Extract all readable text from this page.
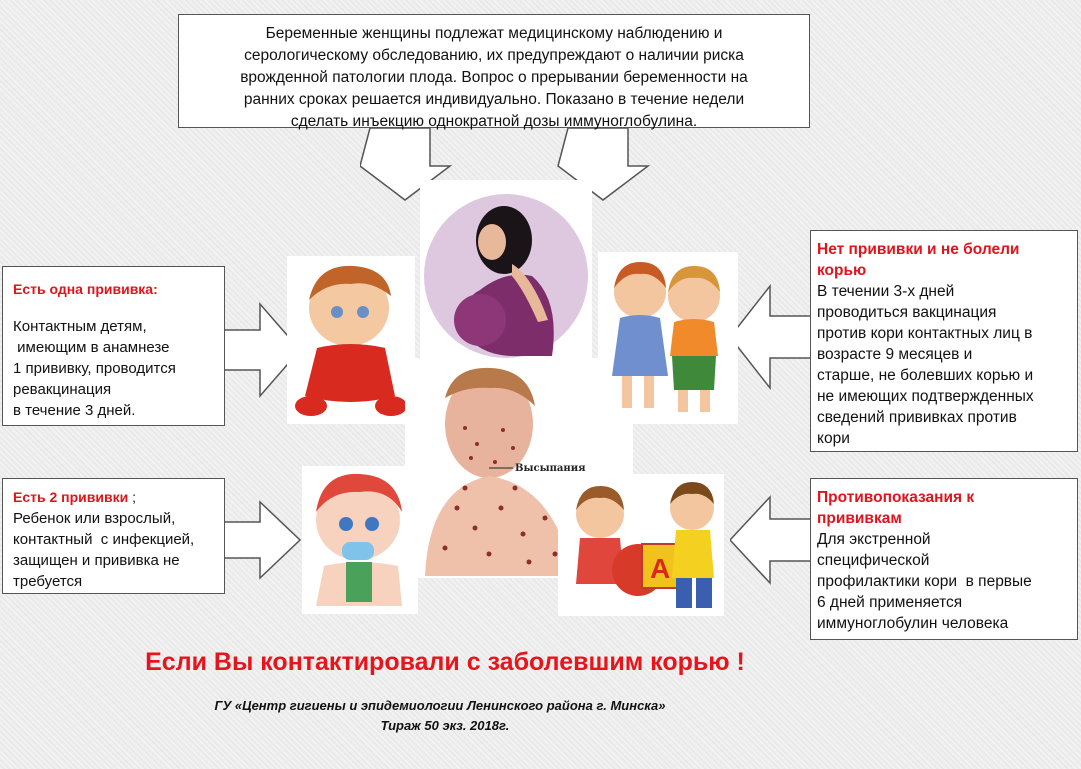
Беременные женщины подлежат медицинскому наблюдению и
серологическому обследованию, их предупреждают о наличии риска
врожденной патологии плода. Вопрос о прерывании беременности на
ранних сроках решается индивидуально. Показано в течение недели
сделать инъекцию однократной дозы иммуноглобулина.
Есть одна прививка:
Контактным детям,
имеющим в анамнезе
1 прививку, проводится
ревакцинация
в течение 3 дней.
Есть 2 прививки ;
Ребенок или взрослый,
контактный  с инфекцией,
защищен и прививка не
требуется
Нет прививки и не болели
корью
В течении 3-х дней
проводиться вакцинация
против кори контактных лиц в
возрасте 9 месяцев и
старше, не болевших корью и
не имеющих подтвержденных
сведений прививках против
кори
Противопоказания к
прививкам
Для экстренной
специфической
профилактики кори  в первые
6 дней применяется
иммуноглобулин человека
Высыпания
A
Если Вы контактировали с заболевшим корью !
ГУ «Центр гигиены и эпидемиологии Ленинского района г. Минска»
Тираж 50 экз. 2018г.
